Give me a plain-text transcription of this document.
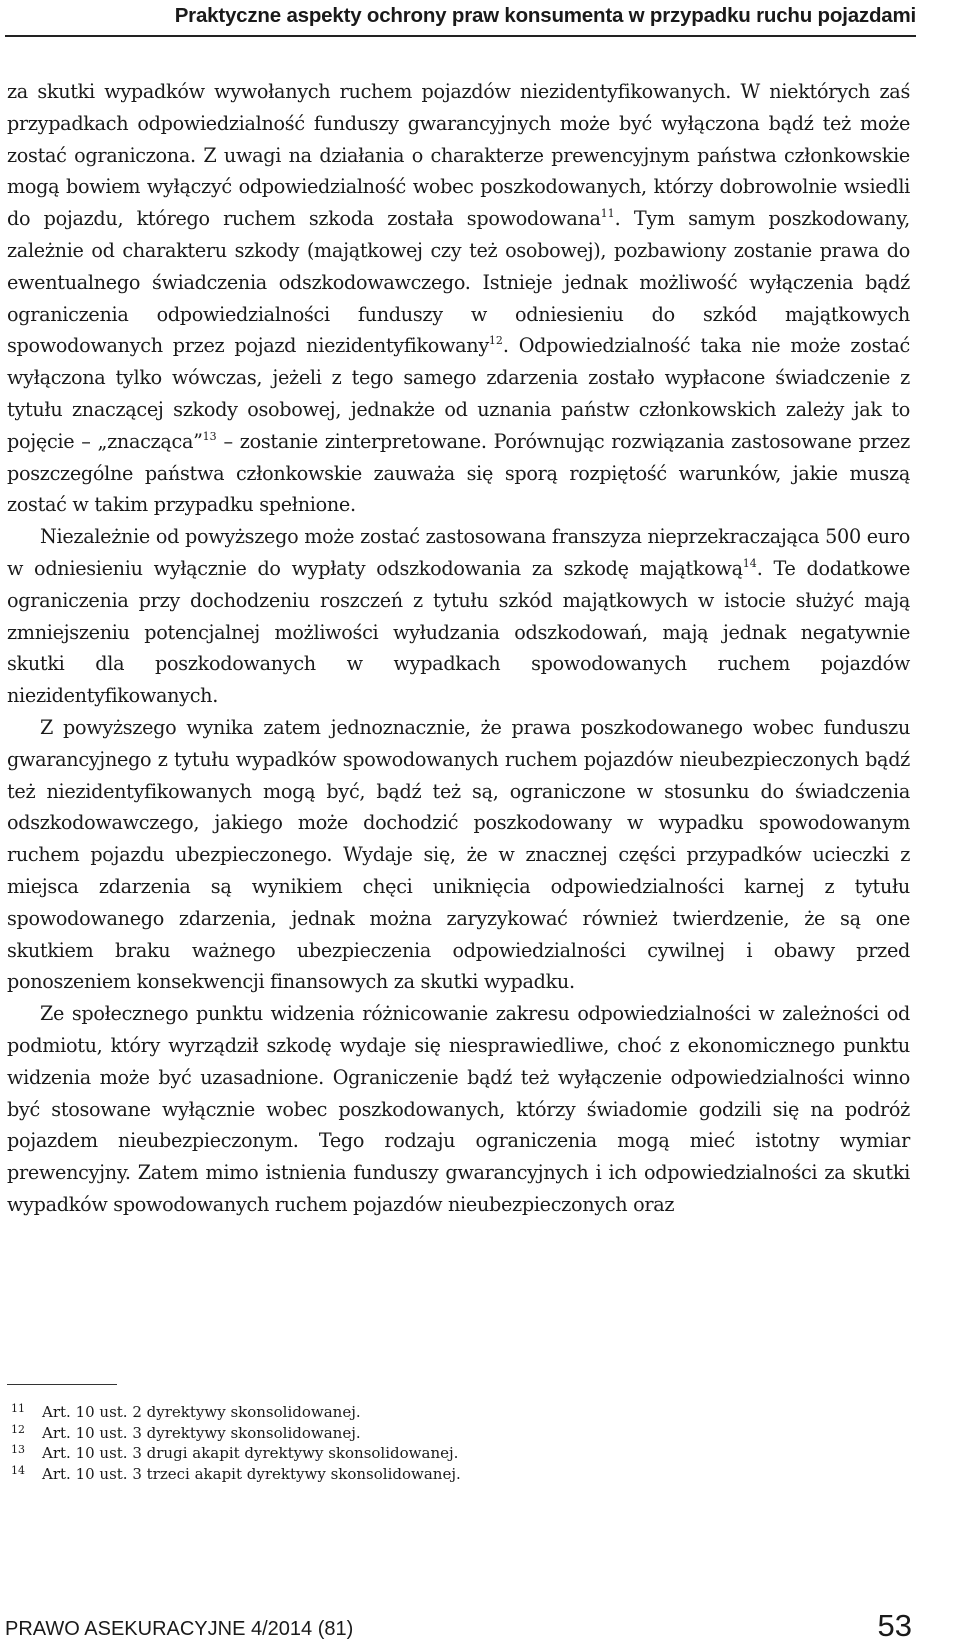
Praktyczne aspekty ochrony praw konsumenta w przypadku ruchu pojazdami

za skutki wypadków wywołanych ruchem pojazdów niezidentyfikowanych. W niektórych zaś przypadkach odpowiedzialność funduszy gwarancyjnych może być wyłączona bądź też może zostać ograniczona. Z uwagi na działania o charakterze prewencyjnym państwa członkowskie mogą bowiem wyłączyć odpowiedzialność wobec poszkodowanych, którzy dobrowolnie wsiedli do pojazdu, którego ruchem szkoda została spowodowana$^{11}$. Tym samym poszkodowany, zależnie od charakteru szkody (majątkowej czy też osobowej), pozbawiony zostanie prawa do ewentualnego świadczenia odszkodowawczego. Istnieje jednak możliwość wyłączenia bądź ograniczenia odpowiedzialności funduszy w odniesieniu do szkód majątkowych spowodowanych przez pojazd niezidentyfikowany$^{12}$. Odpowiedzialność taka nie może zostać wyłączona tylko wówczas, jeżeli z tego samego zdarzenia zostało wypłacone świadczenie z tytułu znaczącej szkody osobowej, jednakże od uznania państw członkowskich zależy jak to pojęcie – „znacząca”$^{13}$ – zostanie zinterpretowane. Porównując rozwiązania zastosowane przez poszczególne państwa członkowskie zauważa się sporą rozpiętość warunków, jakie muszą zostać w takim przypadku spełnione.

Niezależnie od powyższego może zostać zastosowana franszyza nieprzekraczająca 500 euro w odniesieniu wyłącznie do wypłaty odszkodowania za szkodę majątkową$^{14}$. Te dodatkowe ograniczenia przy dochodzeniu roszczeń z tytułu szkód majątkowych w istocie służyć mają zmniejszeniu potencjalnej możliwości wyłudzania odszkodowań, mają jednak negatywnie skutki dla poszkodowanych w wypadkach spowodowanych ruchem pojazdów niezidentyfikowanych.

Z powyższego wynika zatem jednoznacznie, że prawa poszkodowanego wobec funduszu gwarancyjnego z tytułu wypadków spowodowanych ruchem pojazdów nieubezpieczonych bądź też niezidentyfikowanych mogą być, bądź też są, ograniczone w stosunku do świadczenia odszkodowawczego, jakiego może dochodzić poszkodowany w wypadku spowodowanym ruchem pojazdu ubezpieczonego. Wydaje się, że w znacznej części przypadków ucieczki z miejsca zdarzenia są wynikiem chęci uniknięcia odpowiedzialności karnej z tytułu spowodowanego zdarzenia, jednak można zaryzykować również twierdzenie, że są one skutkiem braku ważnego ubezpieczenia odpowiedzialności cywilnej i obawy przed ponoszeniem konsekwencji finansowych za skutki wypadku.

Ze społecznego punktu widzenia różnicowanie zakresu odpowiedzialności w zależności od podmiotu, który wyrządził szkodę wydaje się niesprawiedliwe, choć z ekonomicznego punktu widzenia może być uzasadnione. Ograniczenie bądź też wyłączenie odpowiedzialności winno być stosowane wyłącznie wobec poszkodowanych, którzy świadomie godzili się na podróż pojazdem nieubezpieczonym. Tego rodzaju ograniczenia mogą mieć istotny wymiar prewencyjny. Zatem mimo istnienia funduszy gwarancyjnych i ich odpowiedzialności za skutki wypadków spowodowanych ruchem pojazdów nieubezpieczonych oraz

11	Art. 10 ust. 2 dyrektywy skonsolidowanej.
12	Art. 10 ust. 3 dyrektywy skonsolidowanej.
13	Art. 10 ust. 3 drugi akapit dyrektywy skonsolidowanej.
14	Art. 10 ust. 3 trzeci akapit dyrektywy skonsolidowanej.
PRAWO ASEKURACYJNE 4/2014 (81)	53
